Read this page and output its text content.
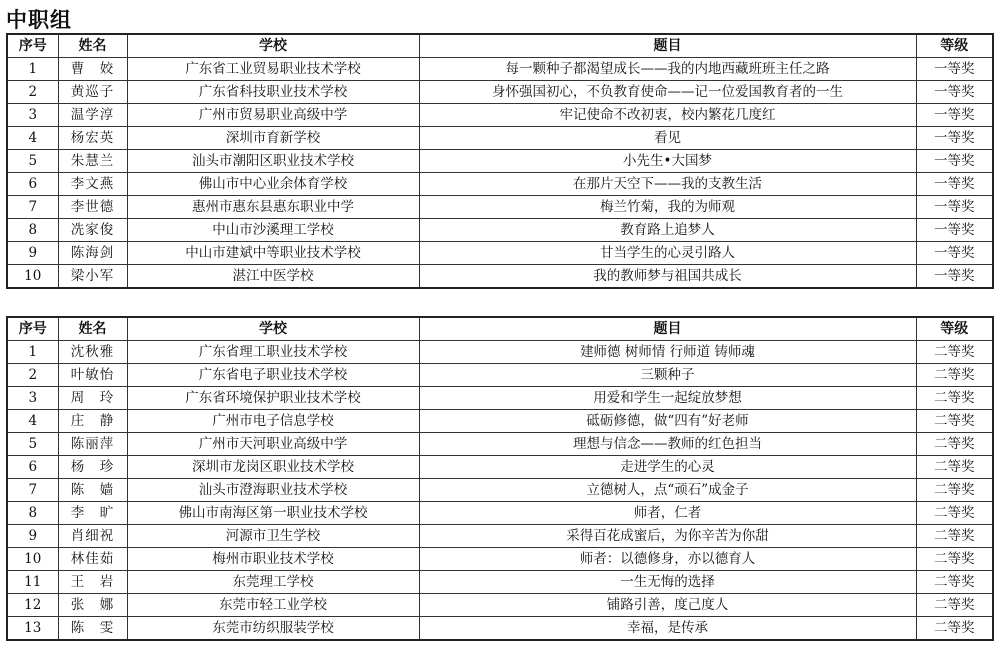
中职组
序号	姓名	学校	题目	等级
1	曹　姣	广东省工业贸易职业技术学校	每一颗种子都渴望成长——我的内地西藏班班主任之路	一等奖
2	黄巡子	广东省科技职业技术学校	身怀强国初心，不负教育使命——记一位爱国教育者的一生	一等奖
3	温学淳	广州市贸易职业高级中学	牢记使命不改初衷，校内繁花几度红	一等奖
4	杨宏英	深圳市育新学校	看见	一等奖
5	朱慧兰	汕头市潮阳区职业技术学校	小先生•大国梦	一等奖
6	李文燕	佛山市中心业余体育学校	在那片天空下——我的支教生活	一等奖
7	李世德	惠州市惠东县惠东职业中学	梅兰竹菊，我的为师观	一等奖
8	冼家俊	中山市沙溪理工学校	教育路上追梦人	一等奖
9	陈海剑	中山市建斌中等职业技术学校	甘当学生的心灵引路人	一等奖
10	梁小军	湛江中医学校	我的教师梦与祖国共成长	一等奖
序号	姓名	学校	题目	等级
1	沈秋雅	广东省理工职业技术学校	建师德 树师情 行师道 铸师魂	二等奖
2	叶敏怡	广东省电子职业技术学校	三颗种子	二等奖
3	周　玲	广东省环境保护职业技术学校	用爱和学生一起绽放梦想	二等奖
4	庄　静	广州市电子信息学校	砥砺修德，做“四有”好老师	二等奖
5	陈丽萍	广州市天河职业高级中学	理想与信念——教师的红色担当	二等奖
6	杨　珍	深圳市龙岗区职业技术学校	走进学生的心灵	二等奖
7	陈　嫱	汕头市澄海职业技术学校	立德树人，点“顽石”成金子	二等奖
8	李　旷	佛山市南海区第一职业技术学校	师者，仁者	二等奖
9	肖细祝	河源市卫生学校	采得百花成蜜后，为你辛苦为你甜	二等奖
10	林佳茹	梅州市职业技术学校	师者：以德修身，亦以德育人	二等奖
11	王　岩	东莞理工学校	一生无悔的选择	二等奖
12	张　娜	东莞市轻工业学校	铺路引善，度己度人	二等奖
13	陈　雯	东莞市纺织服装学校	幸福，是传承	二等奖
